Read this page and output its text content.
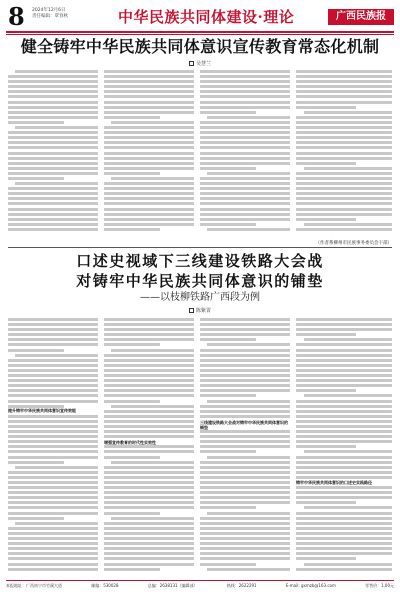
8 2024年12月6日
责任编辑：覃春秋	中华民族共同体建设·理论	广西民族报
健全铸牢中华民族共同体意识宣传教育常态化机制
吴慧兰
（作者系柳州市民族事务委员会干部）
口述史视域下三线建设铁路大会战
对铸牢中华民族共同体意识的铺垫
——以枝柳铁路广西段为例
陈紫霄
提升铸牢中华民族共同体意识宣传效能
增强宣传教育的时代性实效性
三线建设铁路大会战对铸牢中华民族共同体意识的铺垫
铸牢中华民族共同体意识的口述史实践路径
本报地址：广西南宁市竹溪大道	邮编：530028	总编：2638131（编辑部）	热线：2622291	E-mail: gxmzb@163.com	零售价：1.00元
